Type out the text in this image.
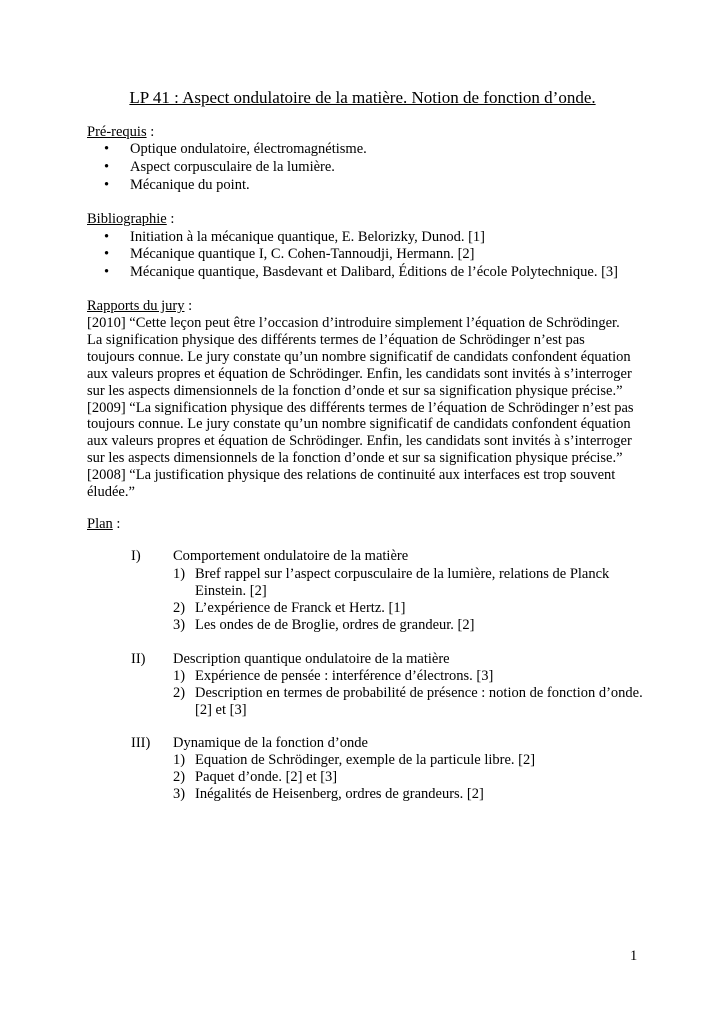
LP 41 : Aspect ondulatoire de la matière. Notion de fonction d’onde.
Pré-requis :
•	Optique ondulatoire, électromagnétisme.
•	Aspect corpusculaire de la lumière.
•	Mécanique du point.
Bibliographie :
•	Initiation à la mécanique quantique, E. Belorizky, Dunod. [1]
•	Mécanique quantique I, C. Cohen-Tannoudji, Hermann. [2]
•	Mécanique quantique, Basdevant et Dalibard, Éditions de l’école Polytechnique. [3]
Rapports du jury :
[2010] “Cette leçon peut être l’occasion d’introduire simplement l’équation de Schrödinger.
La signification physique des différents termes de l’équation de Schrödinger n’est pas
toujours connue. Le jury constate qu’un nombre significatif de candidats confondent équation
aux valeurs propres et équation de Schrödinger. Enfin, les candidats sont invités à s’interroger
sur les aspects dimensionnels de la fonction d’onde et sur sa signification physique précise.”
[2009] “La signification physique des différents termes de l’équation de Schrödinger n’est pas
toujours connue. Le jury constate qu’un nombre significatif de candidats confondent équation
aux valeurs propres et équation de Schrödinger. Enfin, les candidats sont invités à s’interroger
sur les aspects dimensionnels de la fonction d’onde et sur sa signification physique précise.”
[2008] “La justification physique des relations de continuité aux interfaces est trop souvent
éludée.”
Plan :
I) Comportement ondulatoire de la matière
1) Bref rappel sur l’aspect corpusculaire de la lumière, relations de Planck Einstein. [2]
2) L’expérience de Franck et Hertz. [1]
3) Les ondes de de Broglie, ordres de grandeur. [2]
II) Description quantique ondulatoire de la matière
1) Expérience de pensée : interférence d’électrons. [3]
2) Description en termes de probabilité de présence : notion de fonction d’onde. [2] et [3]
III) Dynamique de la fonction d’onde
1) Equation de Schrödinger, exemple de la particule libre. [2]
2) Paquet d’onde. [2] et [3]
3) Inégalités de Heisenberg, ordres de grandeurs. [2]
1
